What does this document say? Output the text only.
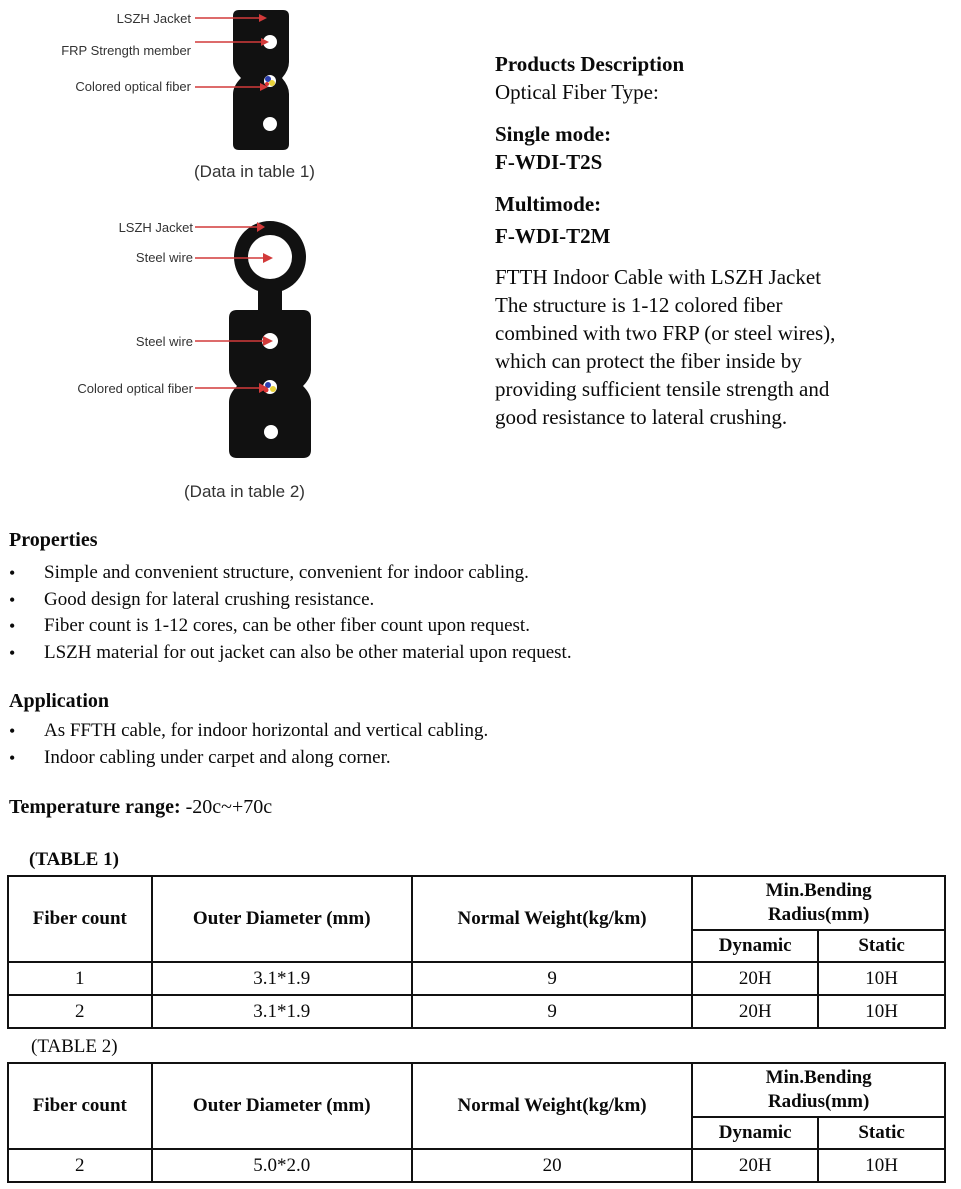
LSZH Jacket
FRP Strength member
Colored optical fiber
(Data in table 1)
LSZH Jacket
Steel wire
Steel wire
Colored optical fiber
(Data in table 2)
Products Description
Optical Fiber Type:
Single mode:
F-WDI-T2S
Multimode:
F-WDI-T2M
FTTH Indoor Cable with LSZH Jacket
The structure is 1-12 colored fiber
combined with two FRP (or steel wires),
which can protect the fiber inside by
providing sufficient tensile strength and
good resistance to lateral crushing.
Properties
• Simple and convenient structure, convenient for indoor cabling.
• Good design for lateral crushing resistance.
• Fiber count is 1-12 cores, can be other fiber count upon request.
• LSZH material for out jacket can also be other material upon request.
Application
• As FFTH cable, for indoor horizontal and vertical cabling.
• Indoor cabling under carpet and along corner.
Temperature range: -20c~+70c
(TABLE 1)
Fiber count	Outer Diameter (mm)	Normal Weight(kg/km)	Min.Bending Radius(mm)	
			Dynamic	Static
1	3.1*1.9	9	20H	10H
2	3.1*1.9	9	20H	10H
(TABLE 2)
Fiber count	Outer Diameter (mm)	Normal Weight(kg/km)	Min.Bending Radius(mm)	
			Dynamic	Static
2	5.0*2.0	20	20H	10H
